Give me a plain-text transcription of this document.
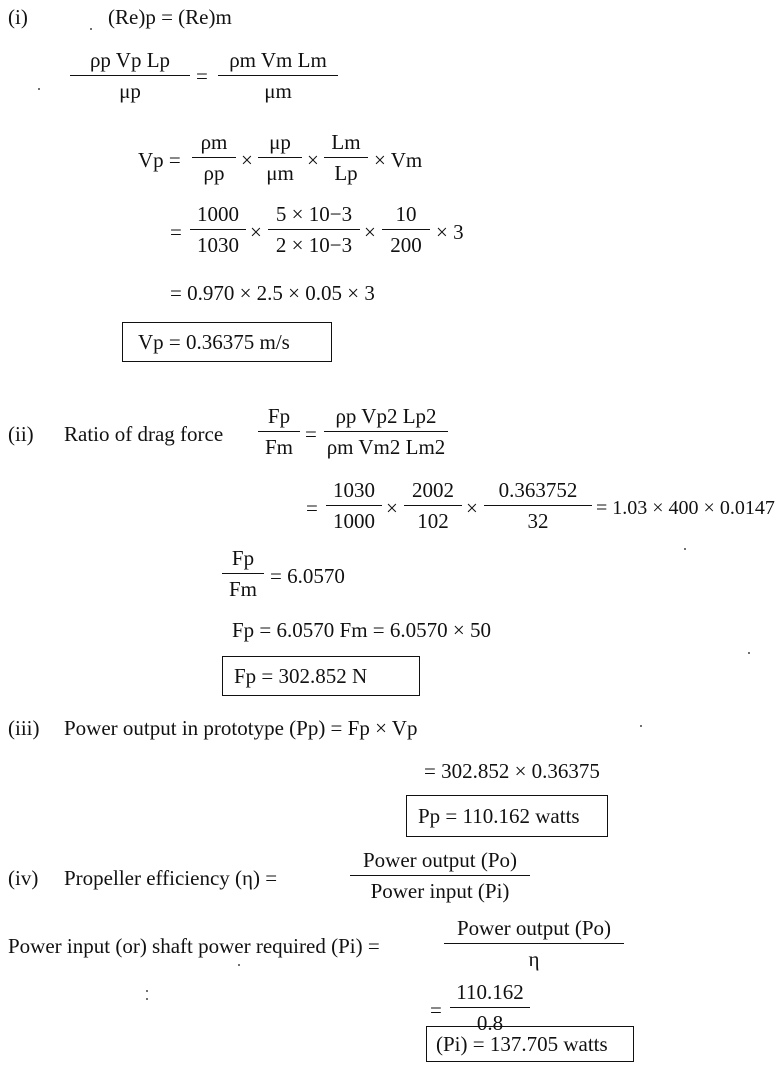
(i)	(Re)p = (Re)m
$\frac{\text{ρp Vp Lp}}{\mu p} = \frac{\text{ρm Vm Lm}}{\mu m}$
$Vp = \frac{\rho m}{\rho p} \times \frac{\mu p}{\mu m} \times \frac{Lm}{Lp} \times Vm$
= $\frac{1000}{1030} \times \frac{5 \times 10-3}{2 \times 10-3} \times \frac{10}{200} \times 3$
= 0.970 × 2.5 × 0.05 × 3
Vp = 0.36375 m/s
(ii) Ratio of drag force $\frac{Fp}{Fm} = \frac{\text{ρp Vp2 Lp2}}{\text{ρm Vm2 Lm2}}$
= $\frac{1030}{1000} \times \frac{2002}{102} \times \frac{0.363752}{32} = 1.03 \times 400 \times 0.0147$
$\frac{Fp}{Fm} = 6.0570$
Fp = 6.0570 Fm = 6.0570 × 50
Fp = 302.852 N
(iii) Power output in prototype (Pp) = Fp × Vp
= 302.852 × 0.36375
Pp = 110.162 watts
(iv) Propeller efficiency (η) =
Power output (Po)
Power input (Pi)
Power input (or) shaft power required (Pi) =
Power output (Po)
η
= $\frac{110.162}{0.8}$
(Pi) = 137.705 watts
